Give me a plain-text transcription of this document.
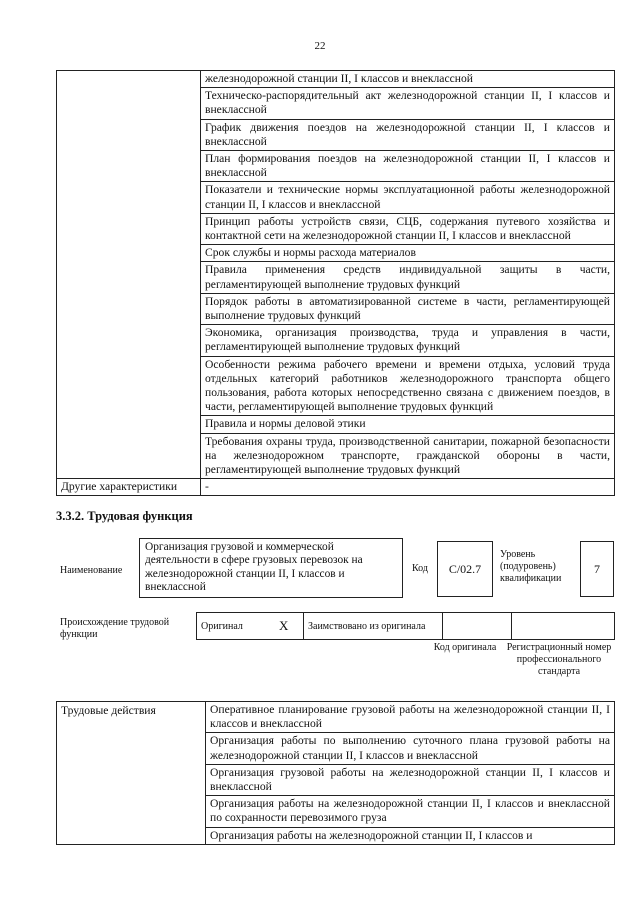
22
	железнодорожной станции II, I классов и внеклассной
	Техническо-распорядительный акт железнодорожной станции II, I классов и внеклассной
	График движения поездов на железнодорожной станции II, I классов и внеклассной
	План формирования поездов на железнодорожной станции II, I классов и внеклассной
	Показатели и технические нормы эксплуатационной работы железнодорожной станции II, I классов и внеклассной
	Принцип работы устройств связи, СЦБ, содержания путевого хозяйства и контактной сети на железнодорожной станции II, I классов и внеклассной
	Срок службы и нормы расхода материалов
	Правила применения средств индивидуальной защиты в части, регламентирующей выполнение трудовых функций
	Порядок работы в автоматизированной системе в части, регламентирующей выполнение трудовых функций
	Экономика, организация производства, труда и управления в части, регламентирующей выполнение трудовых функций
	Особенности режима рабочего времени и времени отдыха, условий труда отдельных категорий работников железнодорожного транспорта общего пользования, работа которых непосредственно связана с движением поездов, в части, регламентирующей выполнение трудовых функций
	Правила и нормы деловой этики
	Требования охраны труда, производственной санитарии, пожарной безопасности на железнодорожном транспорте, гражданской обороны в части, регламентирующей выполнение трудовых функций
Другие характеристики	-
3.3.2. Трудовая функция
Наименование
Организация грузовой и коммерческой деятельности в сфере грузовых перевозок на железнодорожной станции II, I классов и внеклассной
Код	C/02.7
Уровень (подуровень) квалификации
7
Происхождение трудовой функции
Оригинал	X	Заимствовано из оригинала		
Код оригинала	Регистрационный номер профессионального стандарта
Трудовые действия	Оперативное планирование грузовой работы на железнодорожной станции II, I классов и внеклассной
Организация работы по выполнению суточного плана грузовой работы на железнодорожной станции II, I классов и внеклассной
Организация грузовой работы на железнодорожной станции II, I классов и внеклассной
Организация работы на железнодорожной станции II, I классов и внеклассной по сохранности перевозимого груза
Организация работы на железнодорожной станции II, I классов и
